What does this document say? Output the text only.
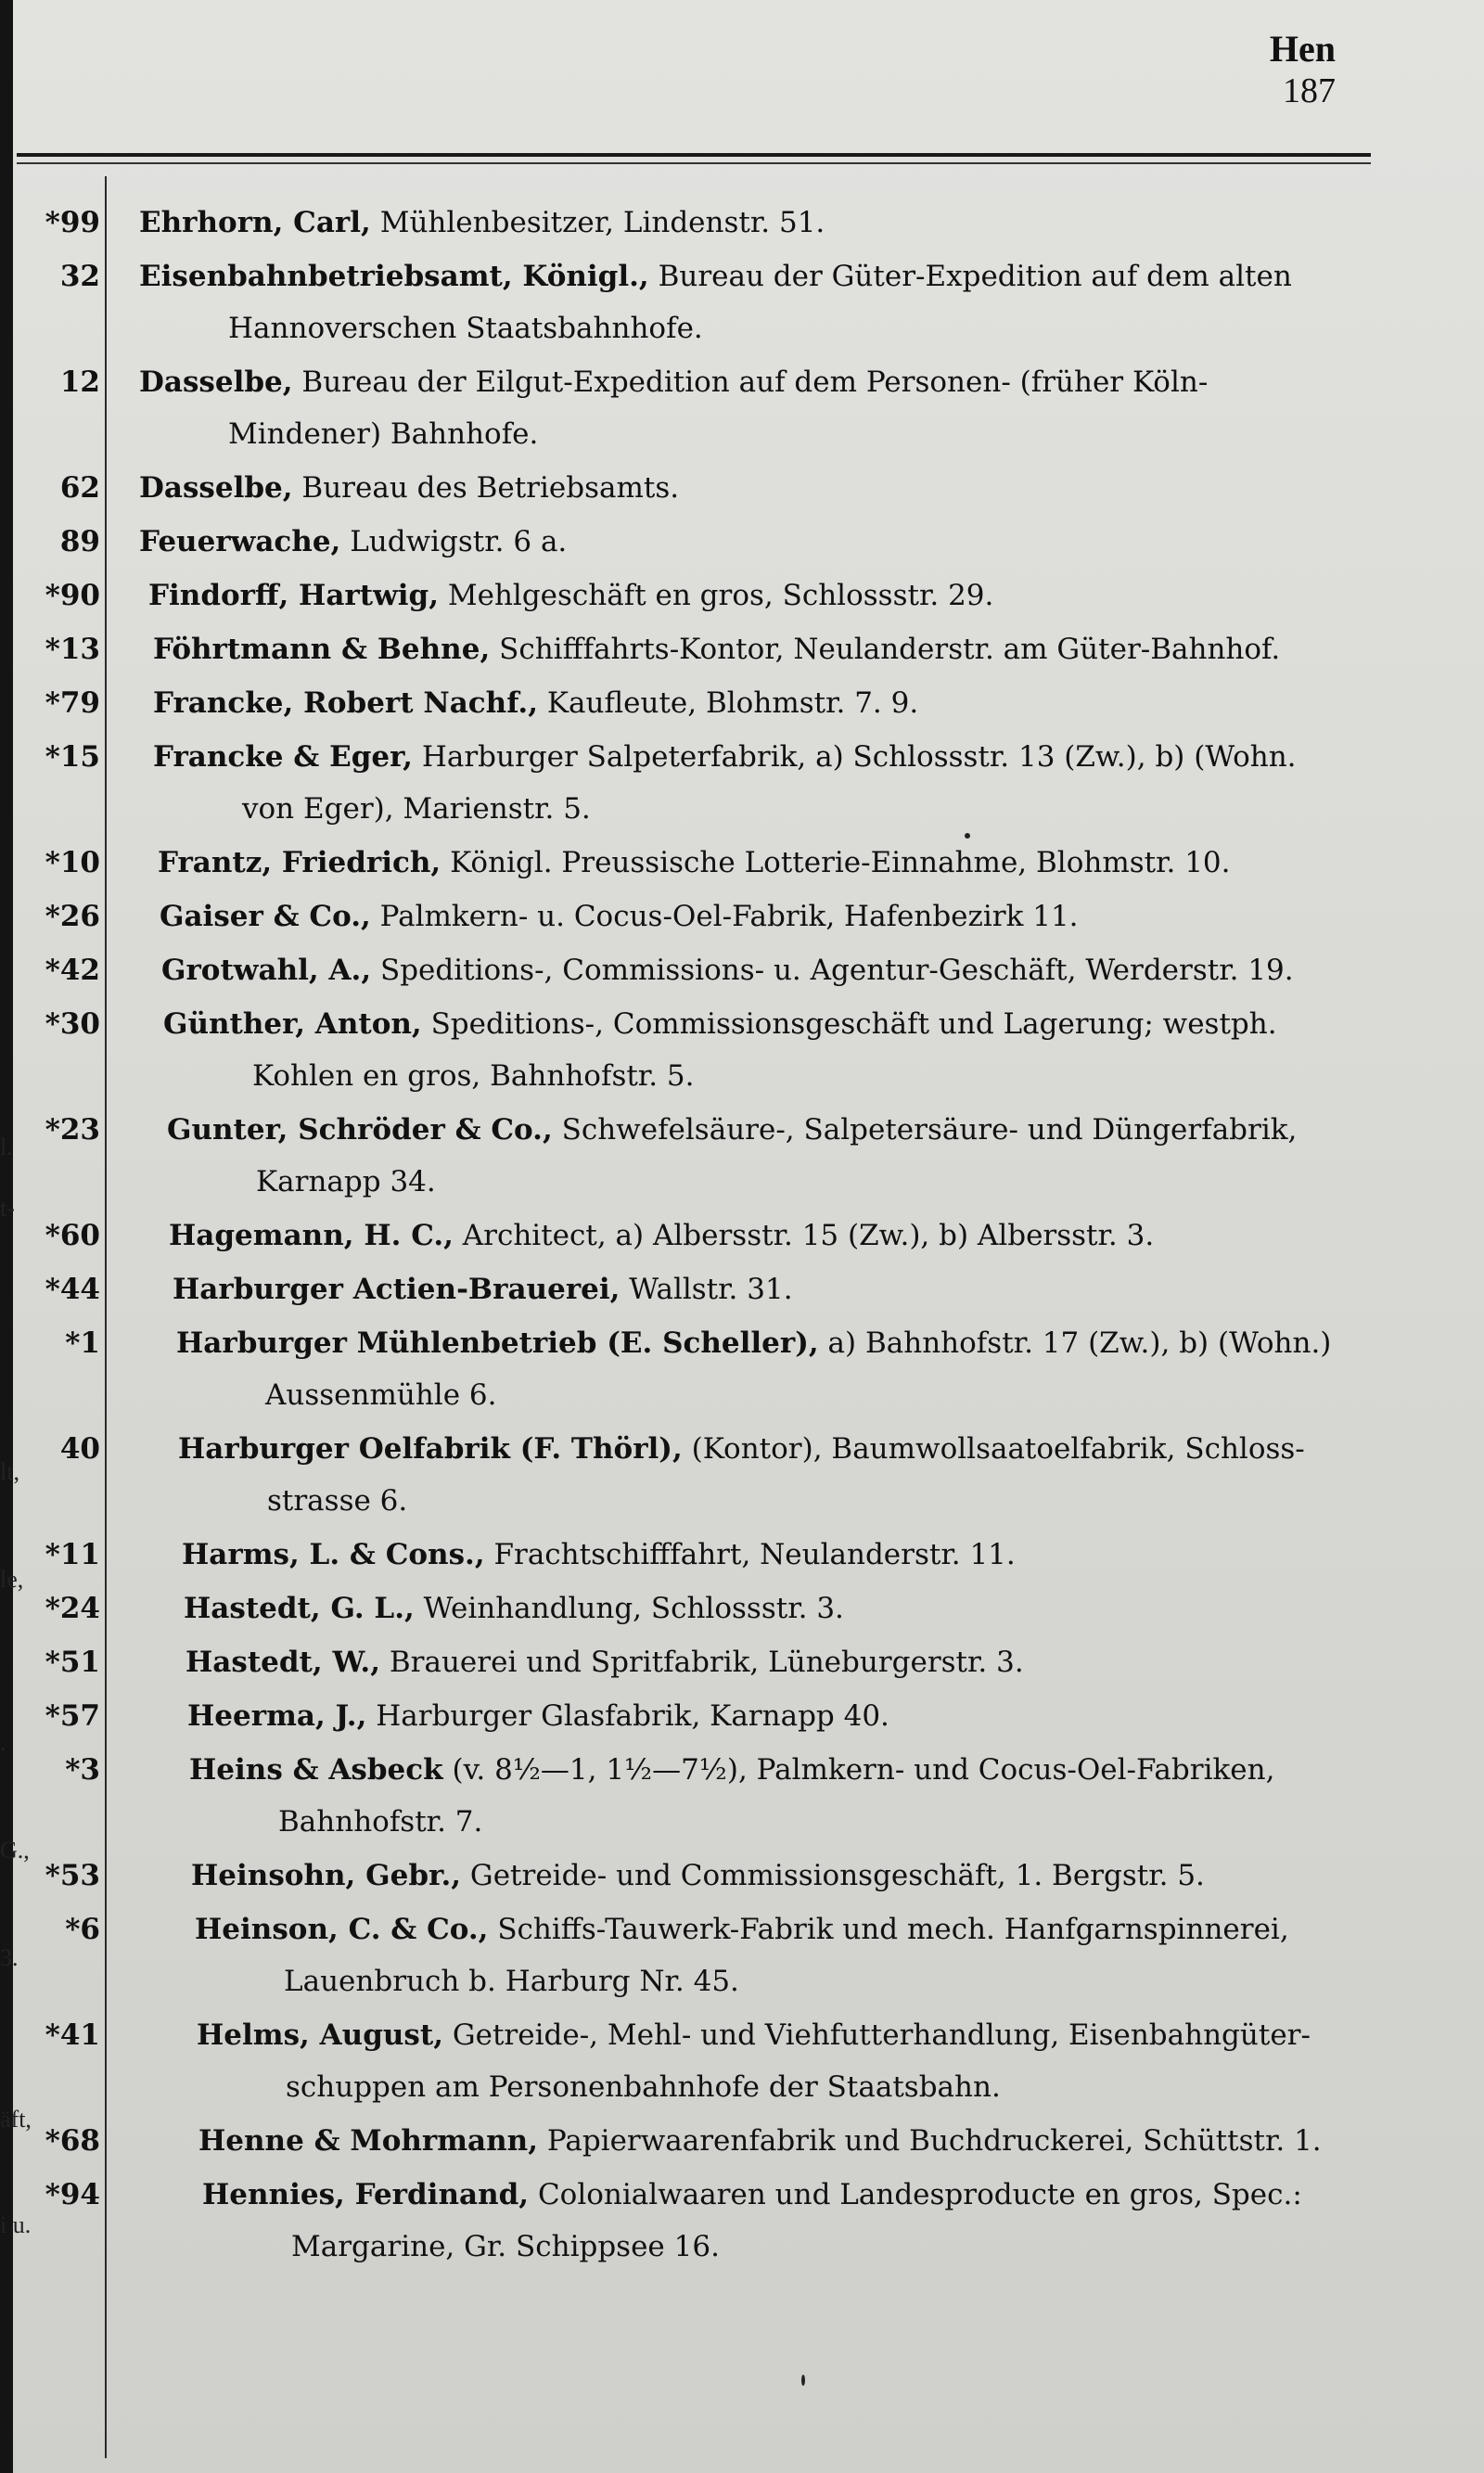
Hen
187
l.
t-
lt,
le,
.
G.,
3.
äft,
i u.
*99 Ehrhorn, Carl, Mühlenbesitzer, Lindenstr. 51.
32 Eisenbahnbetriebsamt, Königl., Bureau der Güter-Expedition auf dem alten
Hannoverschen Staatsbahnhofe.
12 Dasselbe, Bureau der Eilgut-Expedition auf dem Personen- (früher Köln-
Mindener) Bahnhofe.
62 Dasselbe, Bureau des Betriebsamts.
89 Feuerwache, Ludwigstr. 6 a.
*90 Findorff, Hartwig, Mehlgeschäft en gros, Schlossstr. 29.
*13 Föhrtmann & Behne, Schifffahrts-Kontor, Neulanderstr. am Güter-Bahnhof.
*79 Francke, Robert Nachf., Kaufleute, Blohmstr. 7. 9.
*15 Francke & Eger, Harburger Salpeterfabrik, a) Schlossstr. 13 (Zw.), b) (Wohn.
von Eger), Marienstr. 5.
*10 Frantz, Friedrich, Königl. Preussische Lotterie-Einnahme, Blohmstr. 10.
*26 Gaiser & Co., Palmkern- u. Cocus-Oel-Fabrik, Hafenbezirk 11.
*42 Grotwahl, A., Speditions-, Commissions- u. Agentur-Geschäft, Werderstr. 19.
*30 Günther, Anton, Speditions-, Commissionsgeschäft und Lagerung; westph.
Kohlen en gros, Bahnhofstr. 5.
*23 Gunter, Schröder & Co., Schwefelsäure-, Salpetersäure- und Düngerfabrik,
Karnapp 34.
*60 Hagemann, H. C., Architect, a) Albersstr. 15 (Zw.), b) Albersstr. 3.
*44	Harburger Actien-Brauerei, Wallstr. 31.
*1	Harburger Mühlenbetrieb (E. Scheller), a) Bahnhofstr. 17 (Zw.), b) (Wohn.)
Aussenmühle 6.
40	Harburger Oelfabrik (F. Thörl), (Kontor), Baumwollsaatoelfabrik, Schloss-
strasse 6.
*11	Harms, L. & Cons., Frachtschifffahrt, Neulanderstr. 11.
*24	Hastedt, G. L., Weinhandlung, Schlossstr. 3.
*51	Hastedt, W., Brauerei und Spritfabrik, Lüneburgerstr. 3.
*57	Heerma, J., Harburger Glasfabrik, Karnapp 40.
*3	Heins & Asbeck (v. 8½—1, 1½—7½), Palmkern- und Cocus-Oel-Fabriken,
Bahnhofstr. 7.
*53	Heinsohn, Gebr., Getreide- und Commissionsgeschäft, 1. Bergstr. 5.
*6	Heinson, C. & Co., Schiffs-Tauwerk-Fabrik und mech. Hanfgarnspinnerei,
Lauenbruch b. Harburg Nr. 45.
*41	Helms, August, Getreide-, Mehl- und Viehfutterhandlung, Eisenbahngüter-
schuppen am Personenbahnhofe der Staatsbahn.
*68	Henne & Mohrmann, Papierwaarenfabrik und Buchdruckerei, Schüttstr. 1.
*94	Hennies, Ferdinand, Colonialwaaren und Landesproducte en gros, Spec.:
Margarine, Gr. Schippsee 16.
